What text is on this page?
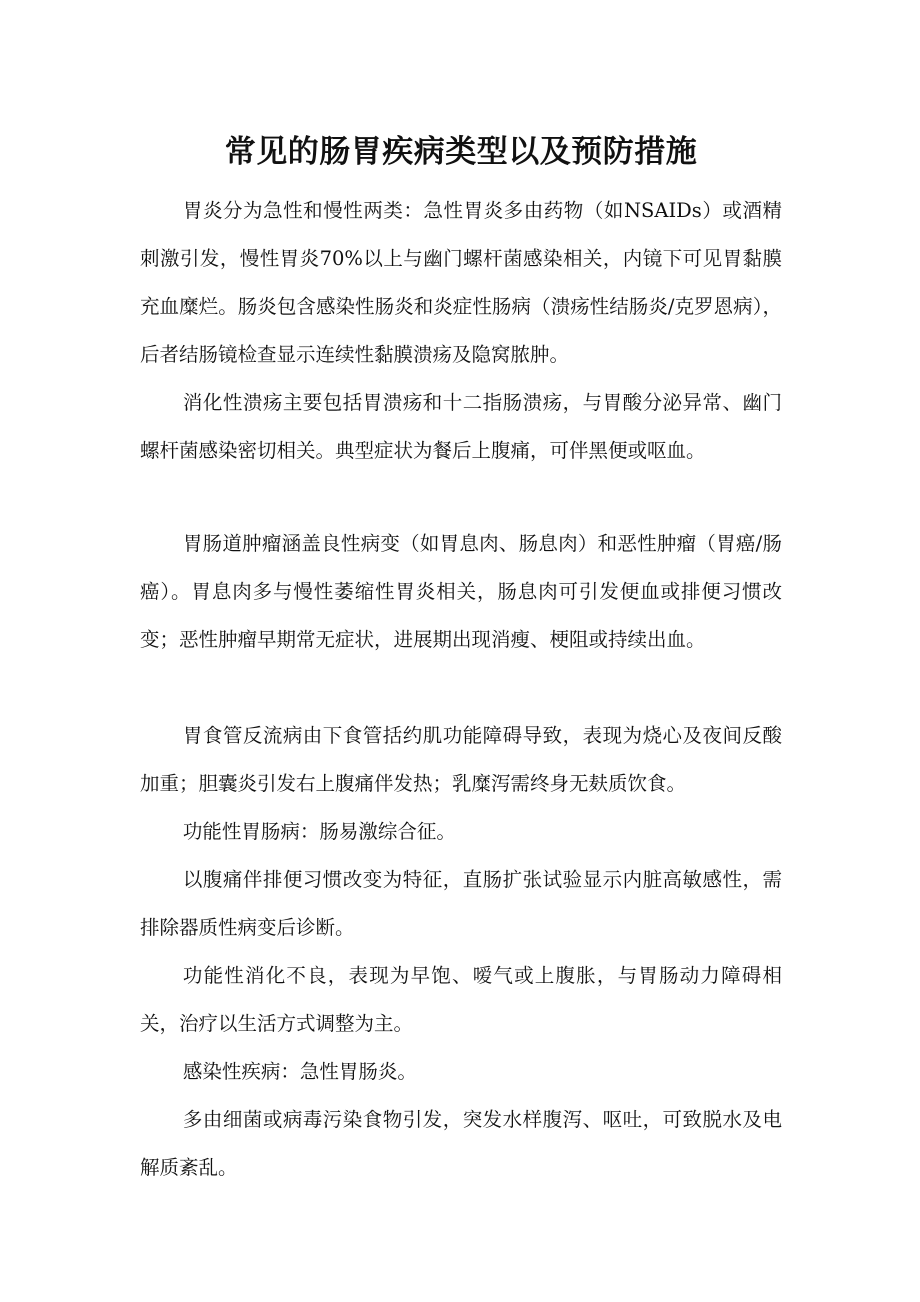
常见的肠胃疾病类型以及预防措施

胃炎分为急性和慢性两类：急性胃炎多由药物（如NSAIDs）或酒精刺激引发，慢性胃炎70%以上与幽门螺杆菌感染相关，内镜下可见胃黏膜充血糜烂。肠炎包含感染性肠炎和炎症性肠病（溃疡性结肠炎/克罗恩病），后者结肠镜检查显示连续性黏膜溃疡及隐窝脓肿。

消化性溃疡主要包括胃溃疡和十二指肠溃疡，与胃酸分泌异常、幽门螺杆菌感染密切相关。典型症状为餐后上腹痛，可伴黑便或呕血。

胃肠道肿瘤涵盖良性病变（如胃息肉、肠息肉）和恶性肿瘤（胃癌/肠癌）。胃息肉多与慢性萎缩性胃炎相关，肠息肉可引发便血或排便习惯改变；恶性肿瘤早期常无症状，进展期出现消瘦、梗阻或持续出血。

胃食管反流病由下食管括约肌功能障碍导致，表现为烧心及夜间反酸加重；胆囊炎引发右上腹痛伴发热；乳糜泻需终身无麸质饮食。

功能性胃肠病：肠易激综合征。

以腹痛伴排便习惯改变为特征，直肠扩张试验显示内脏高敏感性，需排除器质性病变后诊断。

功能性消化不良，表现为早饱、嗳气或上腹胀，与胃肠动力障碍相关，治疗以生活方式调整为主。

感染性疾病：急性胃肠炎。

多由细菌或病毒污染食物引发，突发水样腹泻、呕吐，可致脱水及电解质紊乱。
